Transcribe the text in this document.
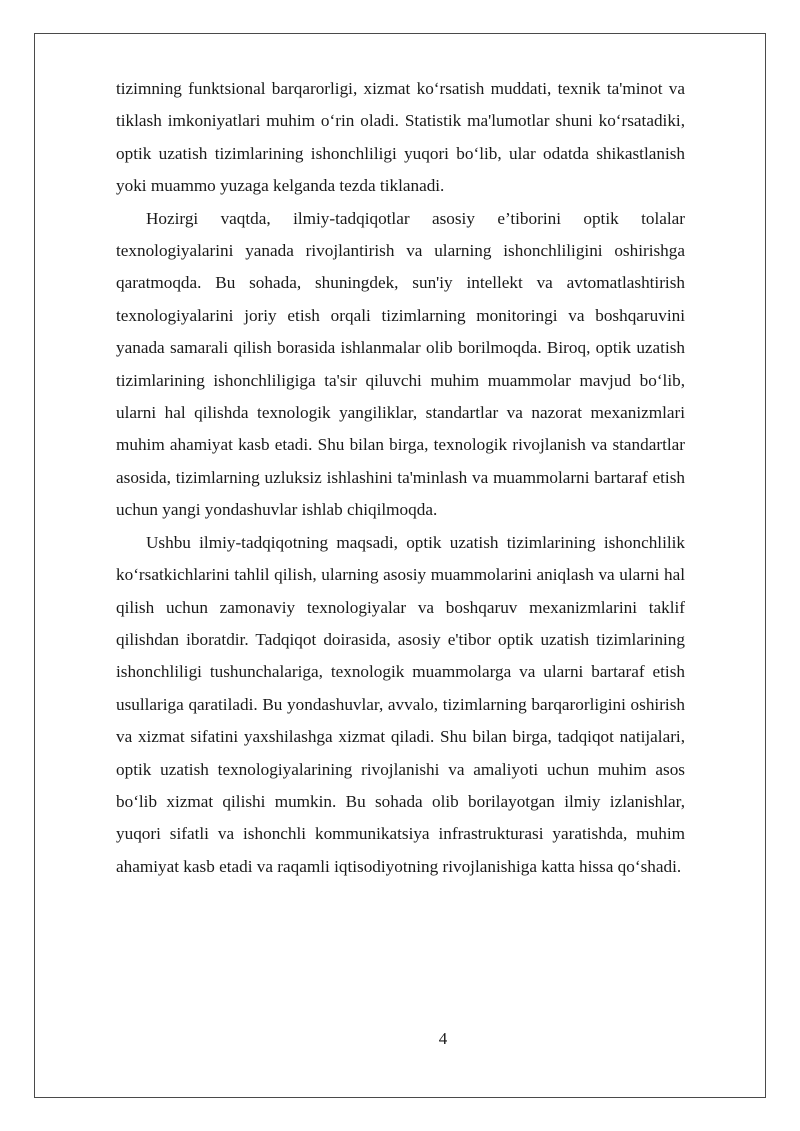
tizimning funktsional barqarorligi, xizmat ko‘rsatish muddati, texnik ta'minot va tiklash imkoniyatlari muhim o‘rin oladi. Statistik ma'lumotlar shuni ko‘rsatadiki, optik uzatish tizimlarining ishonchliligi yuqori bo‘lib, ular odatda shikastlanish yoki muammo yuzaga kelganda tezda tiklanadi.

Hozirgi vaqtda, ilmiy-tadqiqotlar asosiy e’tiborini optik tolalar texnologiyalarini yanada rivojlantirish va ularning ishonchliligini oshirishga qaratmoqda. Bu sohada, shuningdek, sun'iy intellekt va avtomatlashtirish texnologiyalarini joriy etish orqali tizimlarning monitoringi va boshqaruvini yanada samarali qilish borasida ishlanmalar olib borilmoqda. Biroq, optik uzatish tizimlarining ishonchliligiga ta'sir qiluvchi muhim muammolar mavjud bo‘lib, ularni hal qilishda texnologik yangiliklar, standartlar va nazorat mexanizmlari muhim ahamiyat kasb etadi. Shu bilan birga, texnologik rivojlanish va standartlar asosida, tizimlarning uzluksiz ishlashini ta'minlash va muammolarni bartaraf etish uchun yangi yondashuvlar ishlab chiqilmoqda.

Ushbu ilmiy-tadqiqotning maqsadi, optik uzatish tizimlarining ishonchlilik ko‘rsatkichlarini tahlil qilish, ularning asosiy muammolarini aniqlash va ularni hal qilish uchun zamonaviy texnologiyalar va boshqaruv mexanizmlarini taklif qilishdan iboratdir. Tadqiqot doirasida, asosiy e'tibor optik uzatish tizimlarining ishonchliligi tushunchalariga, texnologik muammolarga va ularni bartaraf etish usullariga qaratiladi. Bu yondashuvlar, avvalo, tizimlarning barqarorligini oshirish va xizmat sifatini yaxshilashga xizmat qiladi. Shu bilan birga, tadqiqot natijalari, optik uzatish texnologiyalarining rivojlanishi va amaliyoti uchun muhim asos bo‘lib xizmat qilishi mumkin. Bu sohada olib borilayotgan ilmiy izlanishlar, yuqori sifatli va ishonchli kommunikatsiya infrastrukturasi yaratishda, muhim ahamiyat kasb etadi va raqamli iqtisodiyotning rivojlanishiga katta hissa qo‘shadi.

4
